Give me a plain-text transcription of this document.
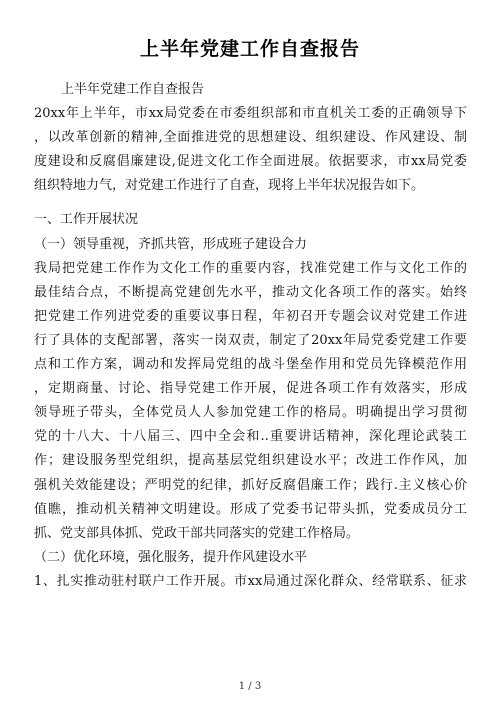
上半年党建工作自查报告
上半年党建工作自查报告
20xx年上半年，市xx局党委在市委组织部和市直机关工委的正确领导下
，以改革创新的精神,全面推进党的思想建设、组织建设、作风建设、制
度建设和反腐倡廉建设,促进文化工作全面进展。依据要求，市xx局党委
组织特地力气，对党建工作进行了自查，现将上半年状况报告如下。
一、工作开展状况
（一）领导重视，齐抓共管，形成班子建设合力
我局把党建工作作为文化工作的重要内容，找准党建工作与文化工作的
最佳结合点，不断提高党建创先水平，推动文化各项工作的落实。始终
把党建工作列进党委的重要议事日程，年初召开专题会议对党建工作进
行了具体的支配部署，落实一岗双责，制定了20xx年局党委党建工作要
点和工作方案，调动和发挥局党组的战斗堡垒作用和党员先锋模范作用
，定期商量、讨论、指导党建工作开展，促进各项工作有效落实，形成
领导班子带头，全体党员人人参加党建工作的格局。明确提出学习贯彻
党的十八大、十八届三、四中全会和..重要讲话精神，深化理论武装工
作；建设服务型党组织，提高基层党组织建设水平；改进工作作风，加
强机关效能建设；严明党的纪律，抓好反腐倡廉工作；践行.主义核心价
值瞧，推动机关精神文明建设。形成了党委书记带头抓，党委成员分工
抓、党支部具体抓、党政干部共同落实的党建工作格局。
（二）优化环境，强化服务，提升作风建设水平
1、扎实推动驻村联户工作开展。市xx局通过深化群众、经常联系、征求
1 / 3
